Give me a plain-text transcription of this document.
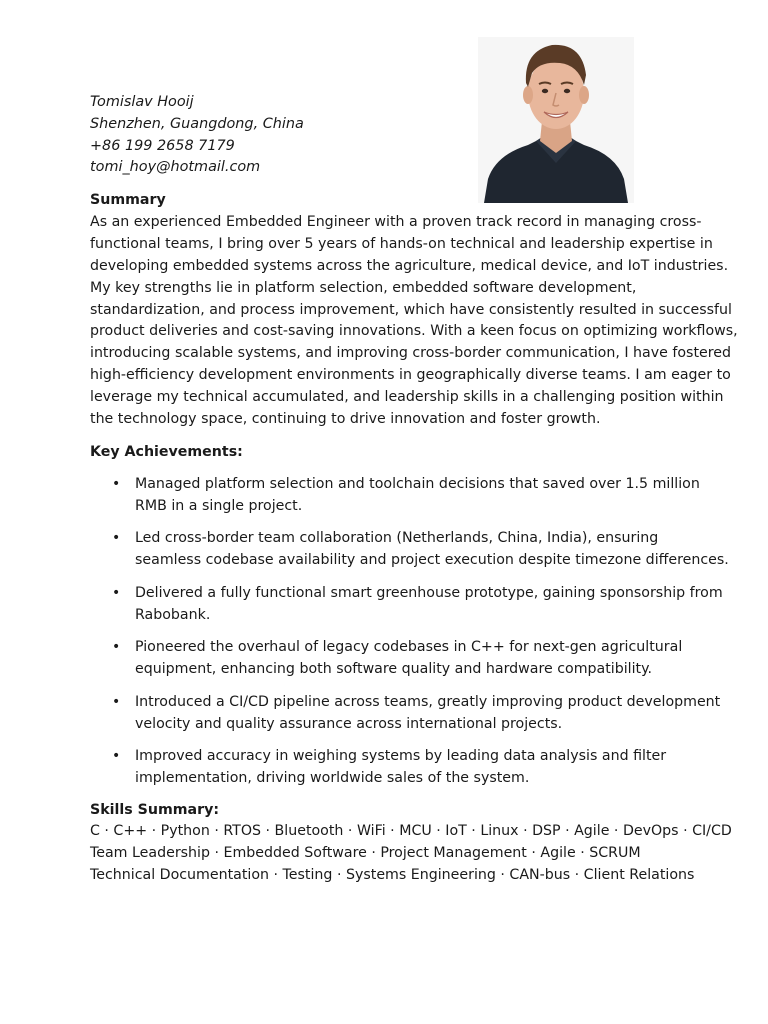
Tomislav Hooij
Shenzhen, Guangdong, China
+86 199 2658 7179
tomi_hoy@hotmail.com
Summary
As an experienced Embedded Engineer with a proven track record in managing cross-
functional teams, I bring over 5 years of hands-on technical and leadership expertise in
developing embedded systems across the agriculture, medical device, and IoT industries.
My key strengths lie in platform selection, embedded software development,
standardization, and process improvement, which have consistently resulted in successful
product deliveries and cost-saving innovations. With a keen focus on optimizing workflows,
introducing scalable systems, and improving cross-border communication, I have fostered
high-efficiency development environments in geographically diverse teams. I am eager to
leverage my technical accumulated, and leadership skills in a challenging position within
the technology space, continuing to drive innovation and foster growth.
Key Achievements:
• Managed platform selection and toolchain decisions that saved over 1.5 million
RMB in a single project.
• Led cross-border team collaboration (Netherlands, China, India), ensuring
seamless codebase availability and project execution despite timezone differences.
• Delivered a fully functional smart greenhouse prototype, gaining sponsorship from
Rabobank.
• Pioneered the overhaul of legacy codebases in C++ for next-gen agricultural
equipment, enhancing both software quality and hardware compatibility.
• Introduced a CI/CD pipeline across teams, greatly improving product development
velocity and quality assurance across international projects.
• Improved accuracy in weighing systems by leading data analysis and filter
implementation, driving worldwide sales of the system.
Skills Summary:
C · C++ · Python · RTOS · Bluetooth · WiFi · MCU · IoT · Linux · DSP · Agile · DevOps · CI/CD
Team Leadership · Embedded Software · Project Management · Agile · SCRUM
Technical Documentation · Testing · Systems Engineering · CAN-bus · Client Relations
